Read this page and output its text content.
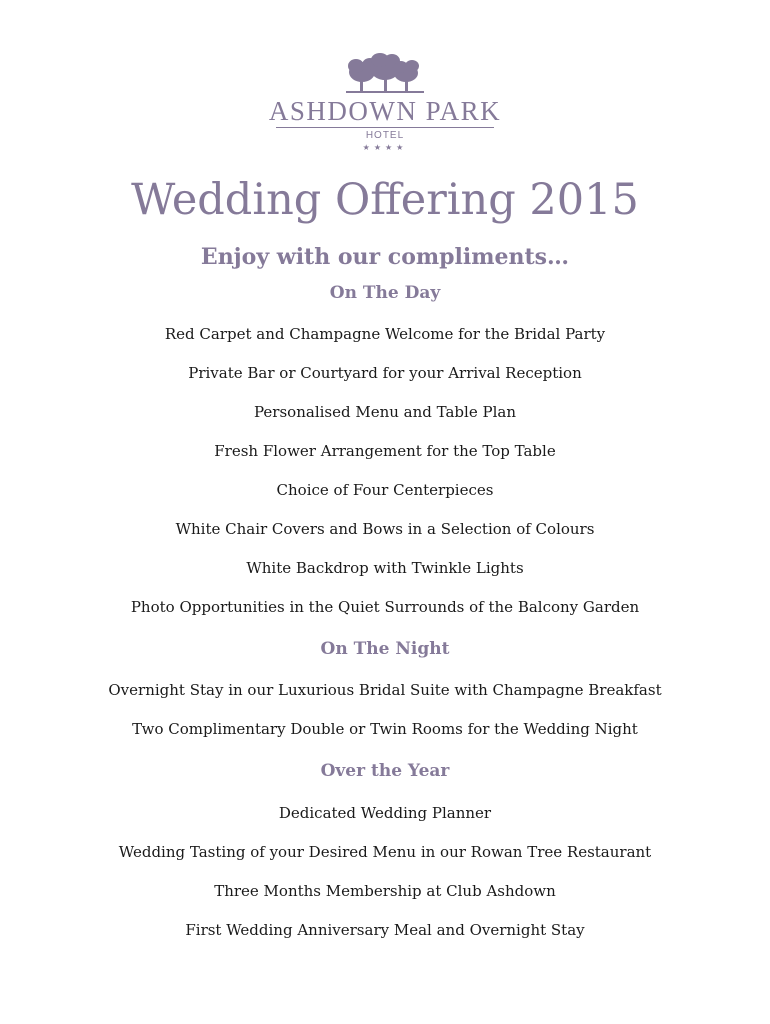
ASHDOWN PARK
HOTEL
★★★★
Wedding Offering 2015
Enjoy with our compliments…
On The Day
Red Carpet and Champagne Welcome for the Bridal Party
Private Bar or Courtyard for your Arrival Reception
Personalised Menu and Table Plan
Fresh Flower Arrangement for the Top Table
Choice of Four Centerpieces
White Chair Covers and Bows in a Selection of Colours
White Backdrop with Twinkle Lights
Photo Opportunities in the Quiet Surrounds of the Balcony Garden
On The Night
Overnight Stay in our Luxurious Bridal Suite with Champagne Breakfast
Two Complimentary Double or Twin Rooms for the Wedding Night
Over the Year
Dedicated Wedding Planner
Wedding Tasting of your Desired Menu in our Rowan Tree Restaurant
Three Months Membership at Club Ashdown
First Wedding Anniversary Meal and Overnight Stay
